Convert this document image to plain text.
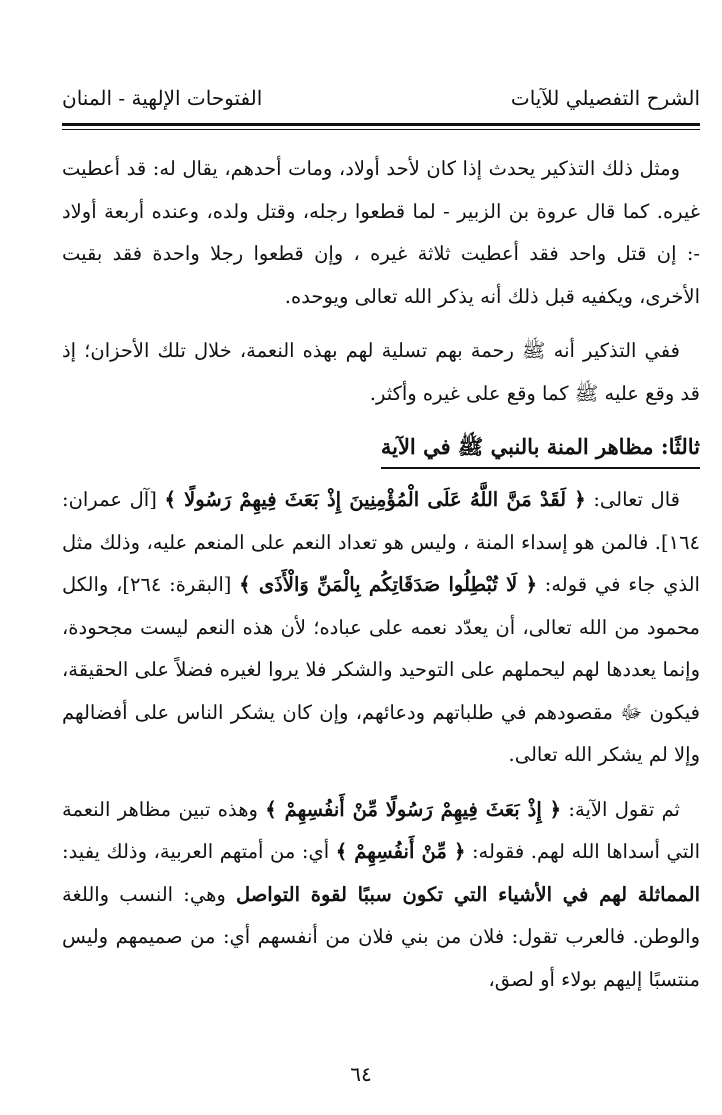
الشرح التفصيلي للآيات
الفتوحات الإلهية - المنان

ومثل ذلك التذكير يحدث إذا كان لأحد أولاد، ومات أحدهم، يقال له: قد أعطيت غيره. كما قال عروة بن الزبير - لما قطعوا رجله، وقتل ولده، وعنده أربعة أولاد -: إن قتل واحد فقد أعطيت ثلاثة غيره ، وإن قطعوا رجلا واحدة فقد بقيت الأخرى، ويكفيه قبل ذلك أنه يذكر الله تعالى ويوحده.

ففي التذكير أنه ﷺ رحمة بهم تسلية لهم بهذه النعمة، خلال تلك الأحزان؛ إذ قد وقع عليه ﷺ كما وقع على غيره وأكثر.

ثالثًا: مظاهر المنة بالنبي ﷺ في الآية

قال تعالى: ﴿ لَقَدْ مَنَّ اللَّهُ عَلَى الْمُؤْمِنِينَ إِذْ بَعَثَ فِيهِمْ رَسُولًا ﴾ [آل عمران: ١٦٤]. فالمن هو إسداء المنة ، وليس هو تعداد النعم على المنعم عليه، وذلك مثل الذي جاء في قوله: ﴿ لَا تُبْطِلُوا صَدَقَاتِكُم بِالْمَنِّ وَالْأَذَى ﴾ [البقرة: ٢٦٤]، والكل محمود من الله تعالى، أن يعدّد نعمه على عباده؛ لأن هذه النعم ليست مجحودة، وإنما يعددها لهم ليحملهم على التوحيد والشكر فلا يروا لغيره فضلاً على الحقيقة، فيكون ﷻ مقصودهم في طلباتهم ودعائهم، وإن كان يشكر الناس على أفضالهم وإلا لم يشكر الله تعالى.

ثم تقول الآية: ﴿ إِذْ بَعَثَ فِيهِمْ رَسُولًا مِّنْ أَنفُسِهِمْ ﴾ وهذه تبين مظاهر النعمة التي أسداها الله لهم. فقوله: ﴿ مِّنْ أَنفُسِهِمْ ﴾ أي: من أمتهم العربية، وذلك يفيد: المماثلة لهم في الأشياء التي تكون سببًا لقوة التواصل وهي: النسب واللغة والوطن. فالعرب تقول: فلان من بني فلان من أنفسهم أي: من صميمهم وليس منتسبًا إليهم بولاء أو لصق،

٦٤
